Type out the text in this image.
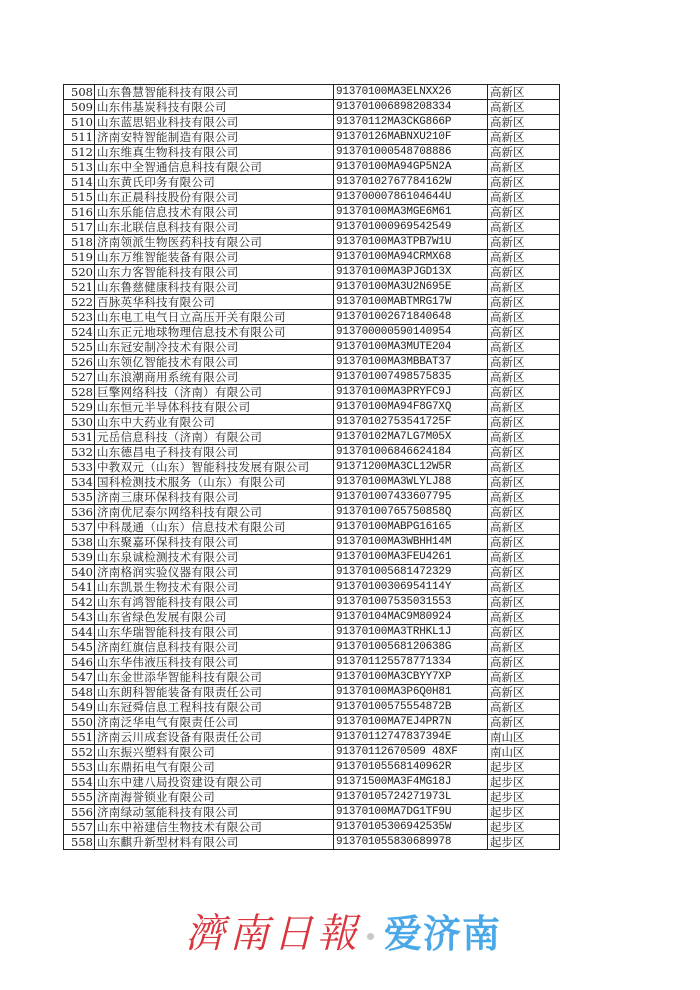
508	山东鲁慧智能科技有限公司	91370100MA3ELNXX26	高新区
509	山东伟基炭科技有限公司	913701006898208334	高新区
510	山东蓝思铝业科技有限公司	91370112MA3CKG866P	高新区
511	济南安特智能制造有限公司	91370126MABNXU210F	高新区
512	山东维真生物科技有限公司	913701000548708886	高新区
513	山东中全智通信息科技有限公司	91370100MA94GP5N2A	高新区
514	山东黄氏印务有限公司	91370102767784162W	高新区
515	山东正晨科技股份有限公司	91370000786104644U	高新区
516	山东乐能信息技术有限公司	91370100MA3MGE6M61	高新区
517	山东北联信息科技有限公司	913701000969542549	高新区
518	济南领派生物医药科技有限公司	91370100MA3TPB7W1U	高新区
519	山东万维智能装备有限公司	91370100MA94CRMX68	高新区
520	山东力客智能科技有限公司	91370100MA3PJGD13X	高新区
521	山东鲁慈健康科技有限公司	91370100MA3U2N695E	高新区
522	百脉英华科技有限公司	91370100MABTMRG17W	高新区
523	山东电工电气日立高压开关有限公司	913701002671840648	高新区
524	山东正元地球物理信息技术有限公司	913700000590140954	高新区
525	山东冠安制冷技术有限公司	91370100MA3MUTE204	高新区
526	山东领亿智能技术有限公司	91370100MA3MBBAT37	高新区
527	山东浪潮商用系统有限公司	913701007498575835	高新区
528	巨擎网络科技（济南）有限公司	91370100MA3PRYFC9J	高新区
529	山东恒元半导体科技有限公司	91370100MA94F8G7XQ	高新区
530	山东中大药业有限公司	91370102753541725F	高新区
531	元岳信息科技（济南）有限公司	91370102MA7LG7M05X	高新区
532	山东德昌电子科技有限公司	913701006846624184	高新区
533	中教双元（山东）智能科技发展有限公司	91371200MA3CL12W5R	高新区
534	国科检测技术服务（山东）有限公司	91370100MA3WLYLJ88	高新区
535	济南三康环保科技有限公司	913701007433607795	高新区
536	济南优尼泰尔网络科技有限公司	91370100765750858Q	高新区
537	中科晟通（山东）信息技术有限公司	91370100MABPG16165	高新区
538	山东聚嘉环保科技有限公司	91370100MA3WBHH14M	高新区
539	山东泉诚检测技术有限公司	91370100MA3FEU4261	高新区
540	济南格润实验仪器有限公司	913701005681472329	高新区
541	山东凯景生物技术有限公司	91370100306954114Y	高新区
542	山东有鸿智能科技有限公司	913701007535031553	高新区
543	山东省绿色发展有限公司	91370104MAC9M80924	高新区
544	山东华瑞智能科技有限公司	91370100MA3TRHKL1J	高新区
545	济南红旗信息科技有限公司	91370100568120638G	高新区
546	山东华伟液压科技有限公司	913701125578771334	高新区
547	山东金世添华智能科技有限公司	91370100MA3CBYY7XP	高新区
548	山东朗科智能装备有限责任公司	91370100MA3P6Q0H81	高新区
549	山东冠舜信息工程科技有限公司	91370100575554872B	高新区
550	济南泛华电气有限责任公司	91370100MA7EJ4PR7N	高新区
551	济南云川成套设备有限责任公司	91370112747837394E	南山区
552	山东振兴塑料有限公司	91370112670509 48XF	南山区
553	山东鼎拓电气有限公司	91370105568140962R	起步区
554	山东中建八局投资建设有限公司	91371500MA3F4MG18J	起步区
555	济南海誉锁业有限公司	91370105724271973L	起步区
556	济南绿动氢能科技有限公司	91370100MA7DG1TF9U	起步区
557	山东中裕建信生物技术有限公司	91370105306942535W	起步区
558	山东麒升新型材料有限公司	913701055830689978	起步区
濟南日報 爱济南
